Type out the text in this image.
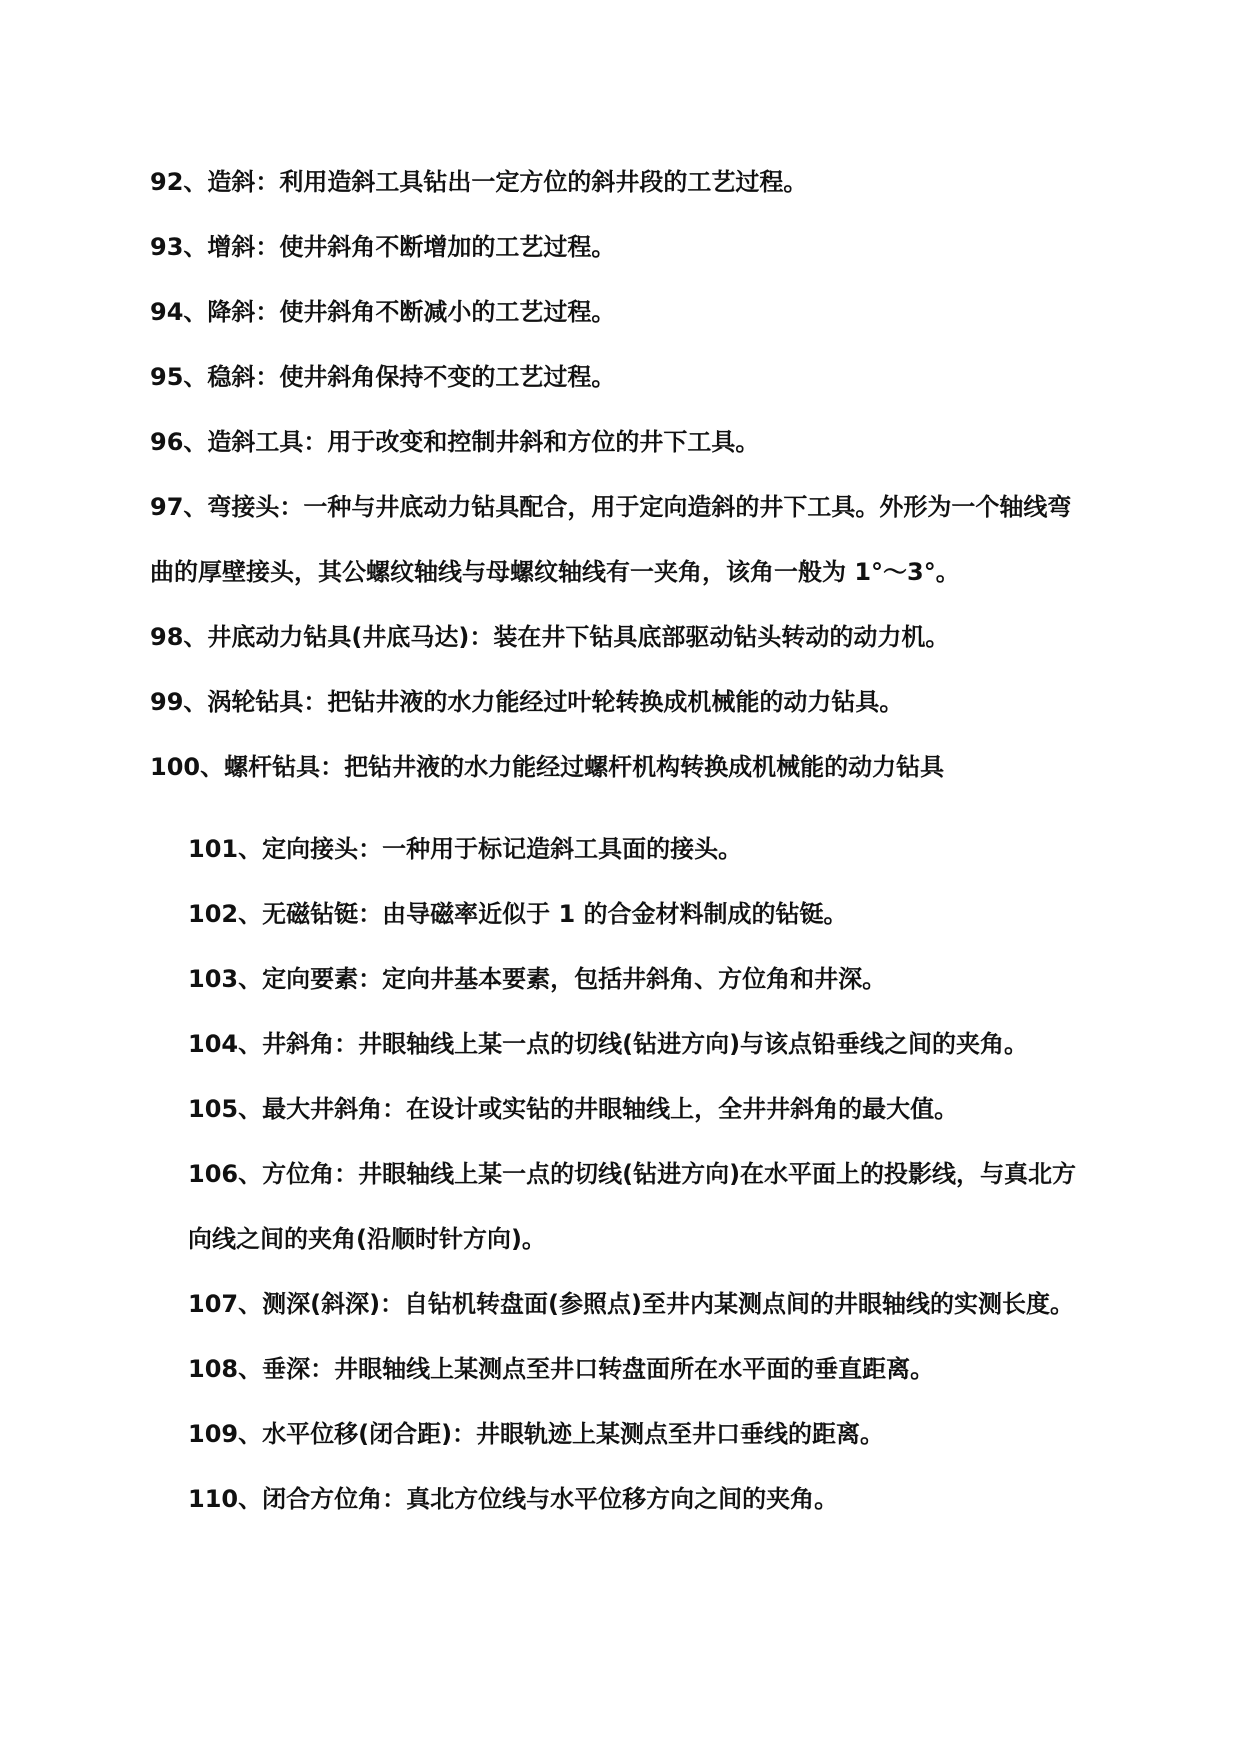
92、造斜：利用造斜工具钻出一定方位的斜井段的工艺过程。

93、增斜：使井斜角不断增加的工艺过程。

94、降斜：使井斜角不断减小的工艺过程。

95、稳斜：使井斜角保持不变的工艺过程。

96、造斜工具：用于改变和控制井斜和方位的井下工具。

97、弯接头：一种与井底动力钻具配合，用于定向造斜的井下工具。外形为一个轴线弯曲的厚壁接头，其公螺纹轴线与母螺纹轴线有一夹角，该角一般为 1°～3°。

98、井底动力钻具(井底马达)：装在井下钻具底部驱动钻头转动的动力机。

99、涡轮钻具：把钻井液的水力能经过叶轮转换成机械能的动力钻具。

100、螺杆钻具：把钻井液的水力能经过螺杆机构转换成机械能的动力钻具

101、定向接头：一种用于标记造斜工具面的接头。

102、无磁钻铤：由导磁率近似于 1 的合金材料制成的钻铤。

103、定向要素：定向井基本要素，包括井斜角、方位角和井深。

104、井斜角：井眼轴线上某一点的切线(钻进方向)与该点铅垂线之间的夹角。

105、最大井斜角：在设计或实钻的井眼轴线上，全井井斜角的最大值。

106、方位角：井眼轴线上某一点的切线(钻进方向)在水平面上的投影线，与真北方向线之间的夹角(沿顺时针方向)。

107、测深(斜深)：自钻机转盘面(参照点)至井内某测点间的井眼轴线的实测长度。

108、垂深：井眼轴线上某测点至井口转盘面所在水平面的垂直距离。

109、水平位移(闭合距)：井眼轨迹上某测点至井口垂线的距离。

110、闭合方位角：真北方位线与水平位移方向之间的夹角。
